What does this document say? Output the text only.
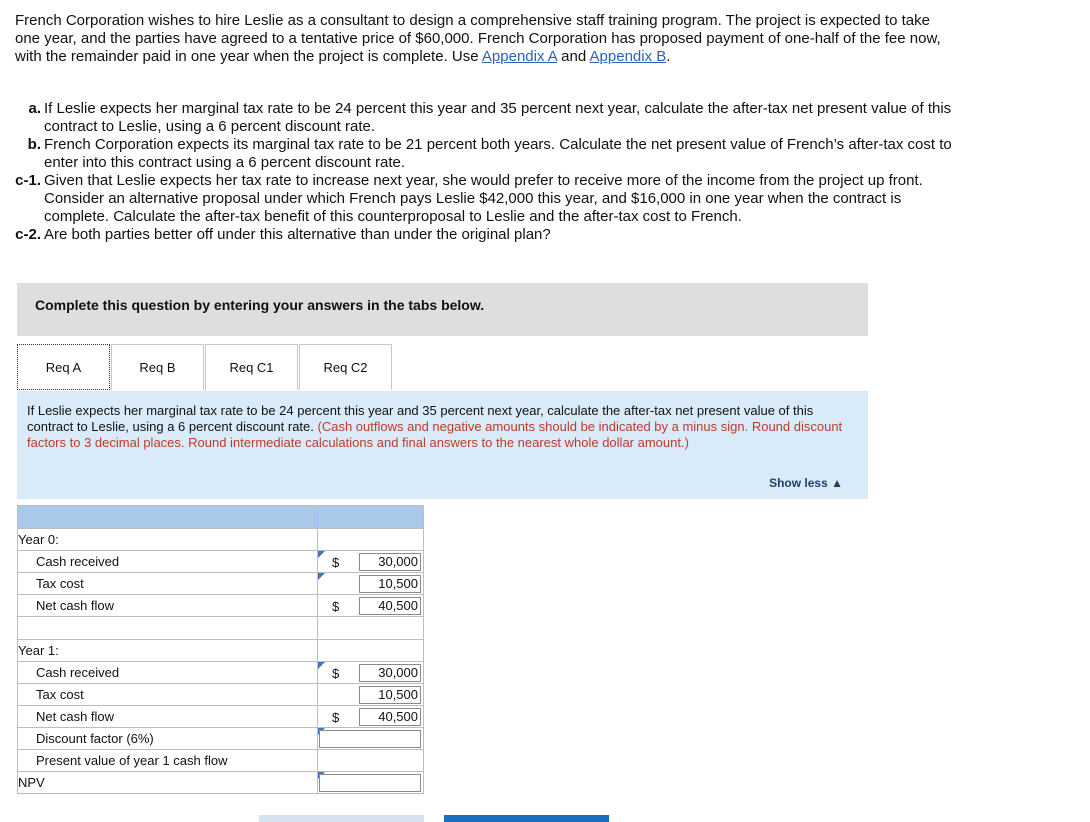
French Corporation wishes to hire Leslie as a consultant to design a comprehensive staff training program. The project is expected to take one year, and the parties have agreed to a tentative price of $60,000. French Corporation has proposed payment of one-half of the fee now, with the remainder paid in one year when the project is complete. Use Appendix A and Appendix B.
a. If Leslie expects her marginal tax rate to be 24 percent this year and 35 percent next year, calculate the after-tax net present value of this contract to Leslie, using a 6 percent discount rate.
b. French Corporation expects its marginal tax rate to be 21 percent both years. Calculate the net present value of French’s after-tax cost to enter into this contract using a 6 percent discount rate.
c-1. Given that Leslie expects her tax rate to increase next year, she would prefer to receive more of the income from the project up front. Consider an alternative proposal under which French pays Leslie $42,000 this year, and $16,000 in one year when the contract is complete. Calculate the after-tax benefit of this counterproposal to Leslie and the after-tax cost to French.
c-2. Are both parties better off under this alternative than under the original plan?
Complete this question by entering your answers in the tabs below.
Req A	Req B	Req C1	Req C2
If Leslie expects her marginal tax rate to be 24 percent this year and 35 percent next year, calculate the after-tax net present value of this contract to Leslie, using a 6 percent discount rate. (Cash outflows and negative amounts should be indicated by a minus sign. Round discount factors to 3 decimal places. Round intermediate calculations and final answers to the nearest whole dollar amount.)
Show less ▲

Year 0:	
Cash received	$ 30,000

Tax cost	10,500

Net cash flow	$ 40,500

Year 1:	
Cash received	$ 30,000

Tax cost	10,500

Net cash flow	$ 40,500

Discount factor (6%)	

Present value of year 1 cash flow	
NPV	
